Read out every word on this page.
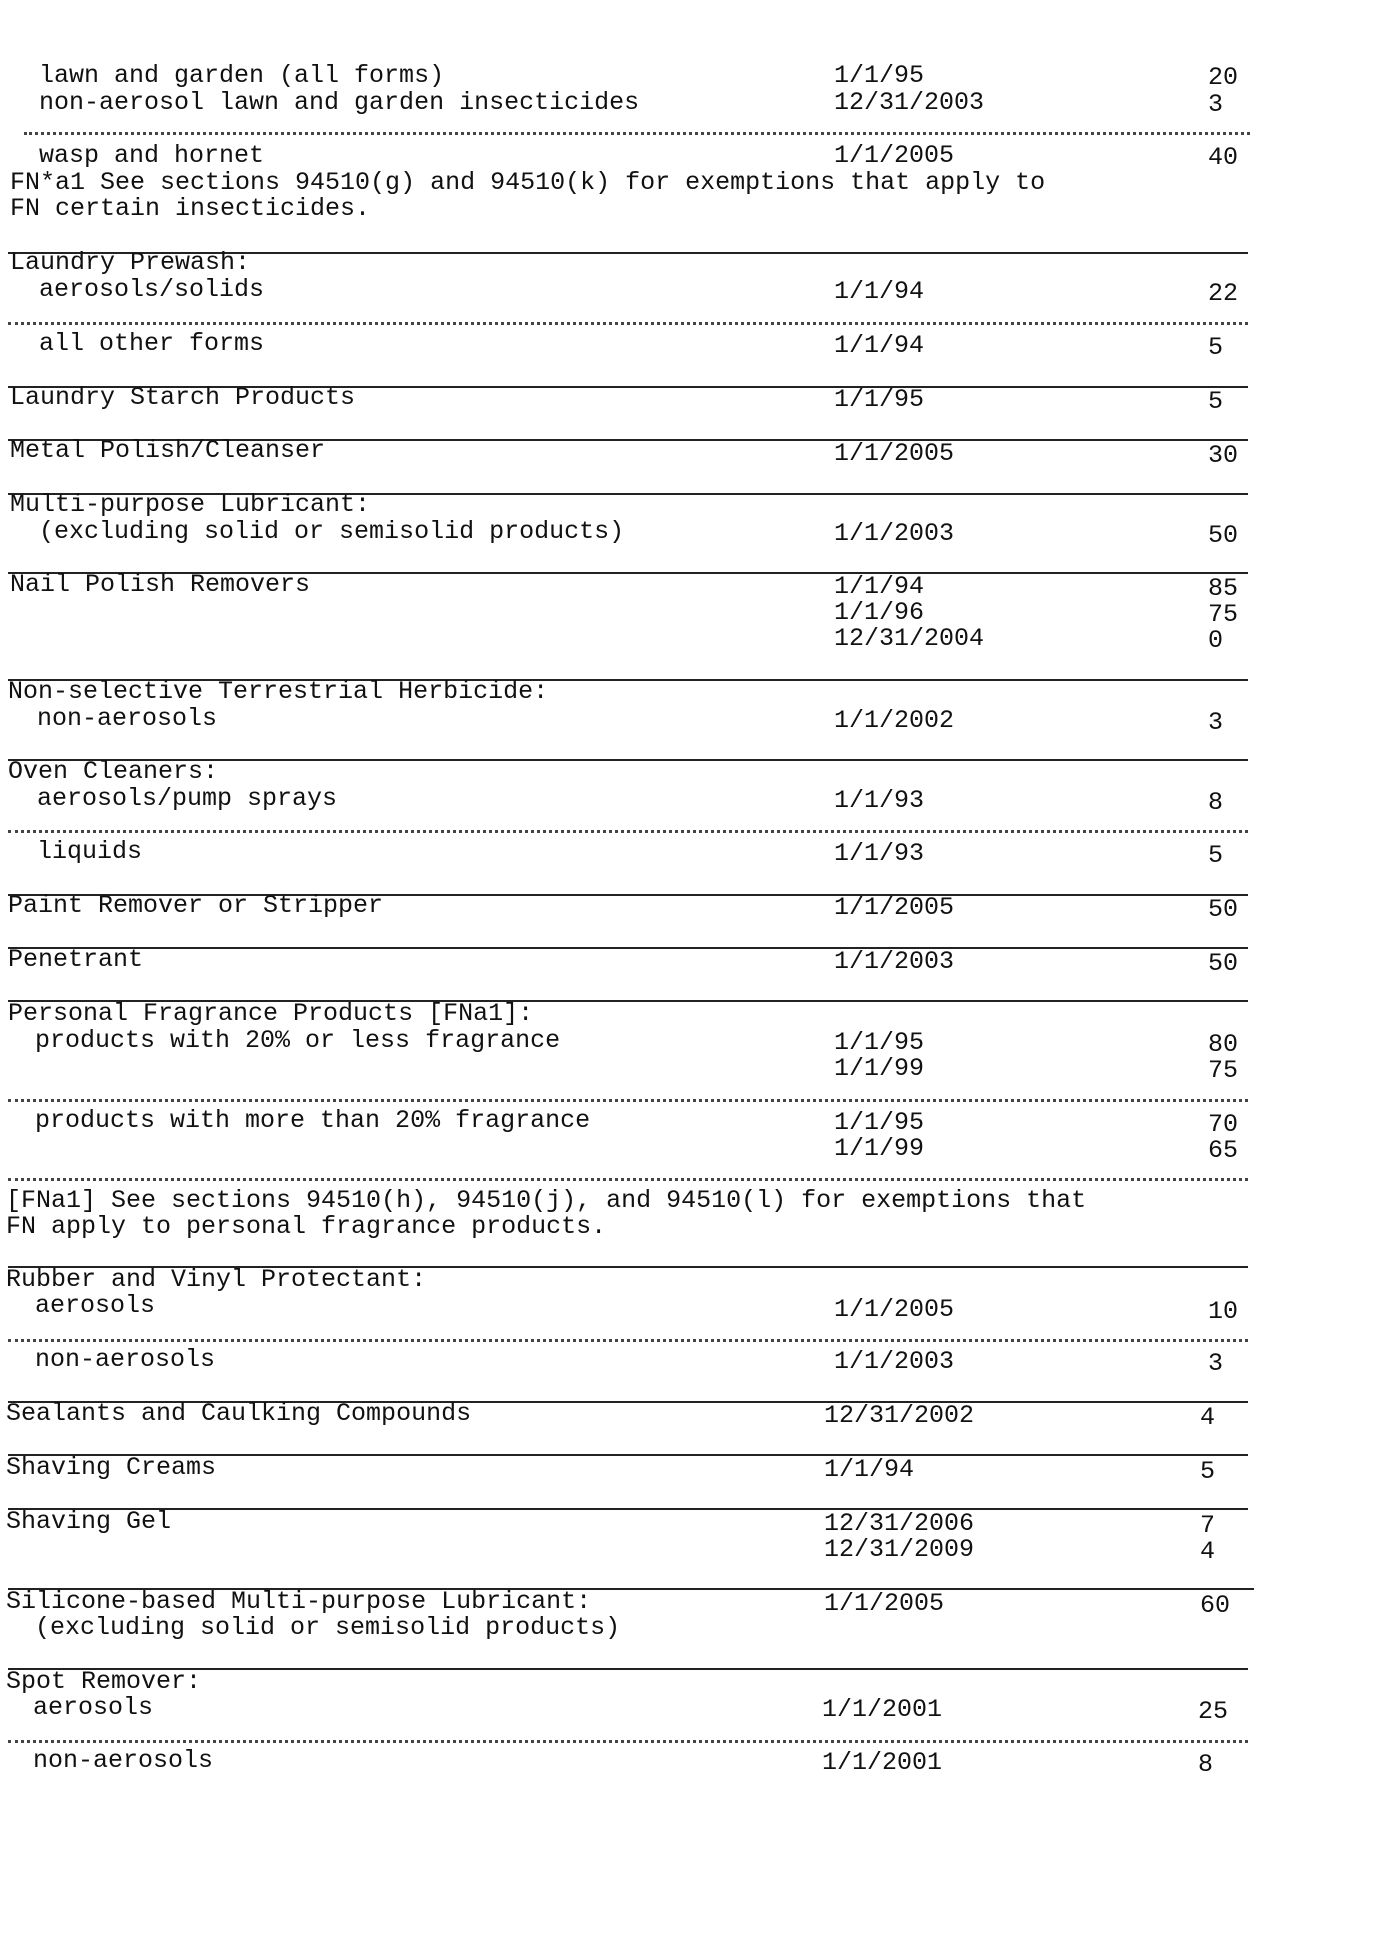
lawn and garden (all forms)	1/1/95	20
non-aerosol lawn and garden insecticides	12/31/2003	3
wasp and hornet	1/1/2005	40
FN*a1 See sections 94510(g) and 94510(k) for exemptions that apply to
FN certain insecticides.
Laundry Prewash:
aerosols/solids	1/1/94	22
all other forms	1/1/94	5
Laundry Starch Products	1/1/95	5
Metal Polish/Cleanser	1/1/2005	30
Multi-purpose Lubricant:
(excluding solid or semisolid products)	1/1/2003	50
Nail Polish Removers	1/1/94	85
1/1/96	75
12/31/2004	0
Non-selective Terrestrial Herbicide:
non-aerosols	1/1/2002	3
Oven Cleaners:
aerosols/pump sprays	1/1/93	8
liquids	1/1/93	5
Paint Remover or Stripper	1/1/2005	50
Penetrant	1/1/2003	50
Personal Fragrance Products [FNa1]:
products with 20% or less fragrance	1/1/95	80
1/1/99	75
products with more than 20% fragrance	1/1/95	70
1/1/99	65
[FNa1] See sections 94510(h), 94510(j), and 94510(l) for exemptions that
FN apply to personal fragrance products.
Rubber and Vinyl Protectant:
aerosols	1/1/2005	10
non-aerosols	1/1/2003	3
Sealants and Caulking Compounds	12/31/2002	4
Shaving Creams	1/1/94	5
Shaving Gel	12/31/2006	7
12/31/2009	4
Silicone-based Multi-purpose Lubricant:
(excluding solid or semisolid products)
1/1/2005	60
Spot Remover:
aerosols	1/1/2001	25
non-aerosols	1/1/2001	8
